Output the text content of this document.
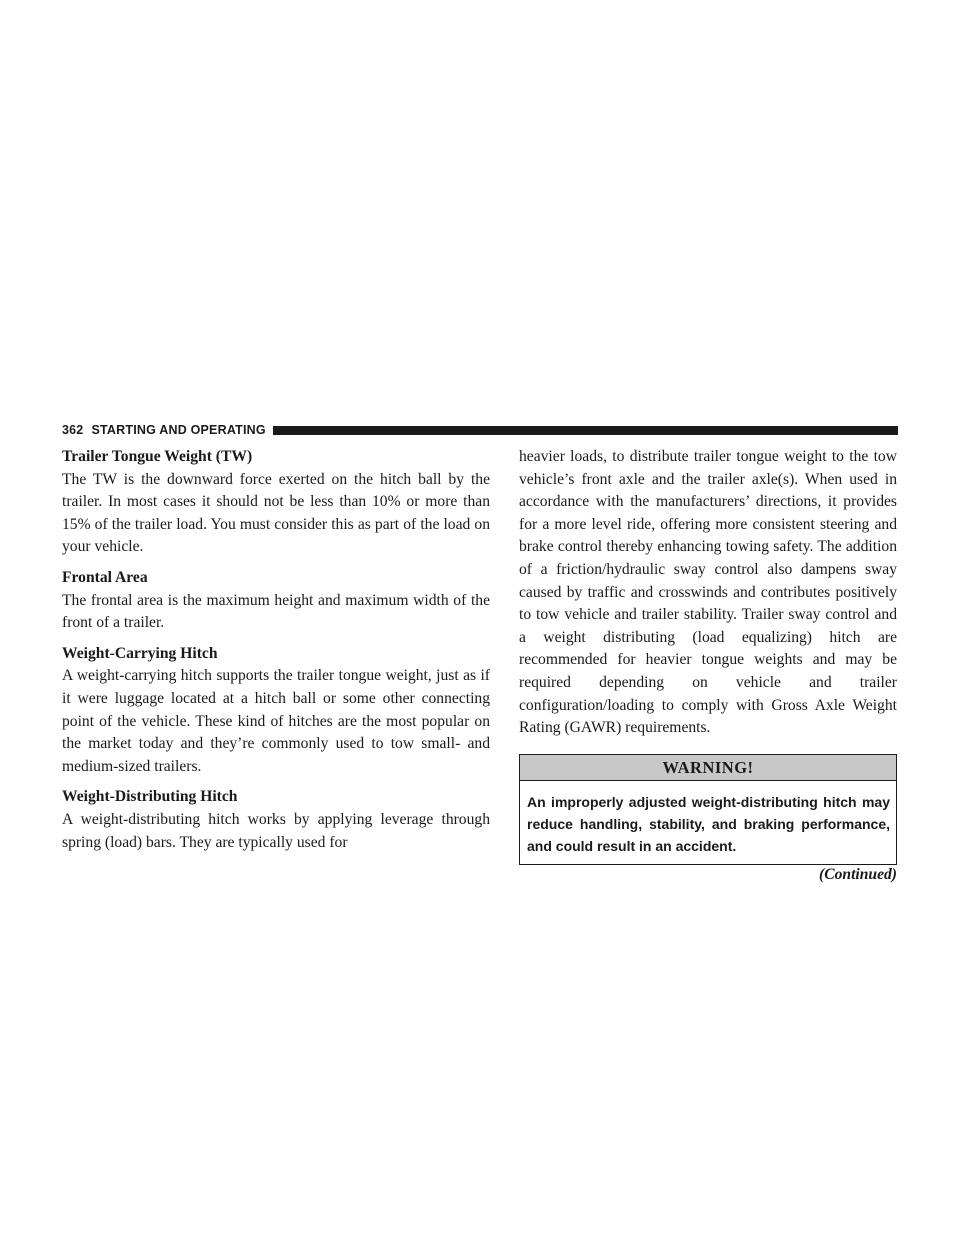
362 STARTING AND OPERATING

Trailer Tongue Weight (TW)

The TW is the downward force exerted on the hitch ball by the trailer. In most cases it should not be less than 10% or more than 15% of the trailer load. You must consider this as part of the load on your vehicle.

Frontal Area

The frontal area is the maximum height and maximum width of the front of a trailer.

Weight-Carrying Hitch

A weight-carrying hitch supports the trailer tongue weight, just as if it were luggage located at a hitch ball or some other connecting point of the vehicle. These kind of hitches are the most popular on the market today and they’re commonly used to tow small- and medium-sized trailers.

Weight-Distributing Hitch

A weight-distributing hitch works by applying leverage through spring (load) bars. They are typically used for

heavier loads, to distribute trailer tongue weight to the tow vehicle’s front axle and the trailer axle(s). When used in accordance with the manufacturers’ directions, it provides for a more level ride, offering more consistent steering and brake control thereby enhancing towing safety. The addition of a friction/hydraulic sway control also dampens sway caused by traffic and crosswinds and contributes positively to tow vehicle and trailer stability. Trailer sway control and a weight distributing (load equalizing) hitch are recommended for heavier tongue weights and may be required depending on vehicle and trailer configuration/loading to comply with Gross Axle Weight Rating (GAWR) requirements.

WARNING!
An improperly adjusted weight-distributing hitch may reduce handling, stability, and braking performance, and could result in an accident.
(Continued)
